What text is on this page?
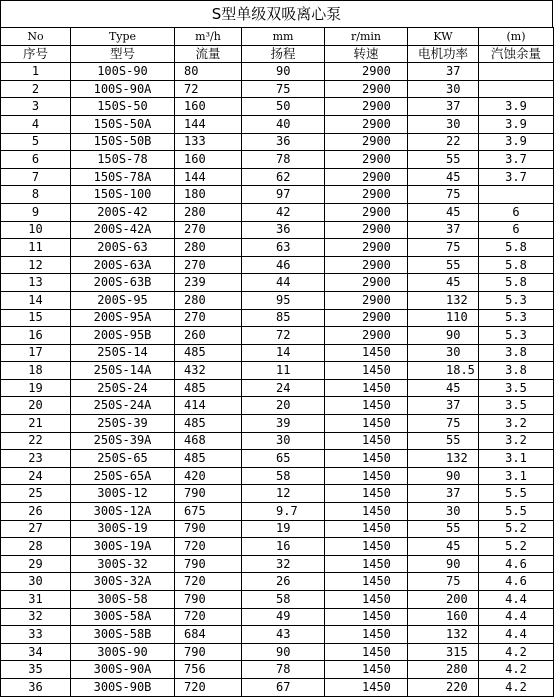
S型单级双吸离心泵
No	Type	m³/h	mm	r/min	KW	(m)
序号	型号	流量	扬程	转速	电机功率	汽蚀余量
1	100S-90	80	90	2900	37	
2	100S-90A	72	75	2900	30	
3	150S-50	160	50	2900	37	3.9
4	150S-50A	144	40	2900	30	3.9
5	150S-50B	133	36	2900	22	3.9
6	150S-78	160	78	2900	55	3.7
7	150S-78A	144	62	2900	45	3.7
8	150S-100	180	97	2900	75	
9	200S-42	280	42	2900	45	6
10	200S-42A	270	36	2900	37	6
11	200S-63	280	63	2900	75	5.8
12	200S-63A	270	46	2900	55	5.8
13	200S-63B	239	44	2900	45	5.8
14	200S-95	280	95	2900	132	5.3
15	200S-95A	270	85	2900	110	5.3
16	200S-95B	260	72	2900	90	5.3
17	250S-14	485	14	1450	30	3.8
18	250S-14A	432	11	1450	18.5	3.8
19	250S-24	485	24	1450	45	3.5
20	250S-24A	414	20	1450	37	3.5
21	250S-39	485	39	1450	75	3.2
22	250S-39A	468	30	1450	55	3.2
23	250S-65	485	65	1450	132	3.1
24	250S-65A	420	58	1450	90	3.1
25	300S-12	790	12	1450	37	5.5
26	300S-12A	675	9.7	1450	30	5.5
27	300S-19	790	19	1450	55	5.2
28	300S-19A	720	16	1450	45	5.2
29	300S-32	790	32	1450	90	4.6
30	300S-32A	720	26	1450	75	4.6
31	300S-58	790	58	1450	200	4.4
32	300S-58A	720	49	1450	160	4.4
33	300S-58B	684	43	1450	132	4.4
34	300S-90	790	90	1450	315	4.2
35	300S-90A	756	78	1450	280	4.2
36	300S-90B	720	67	1450	220	4.2
